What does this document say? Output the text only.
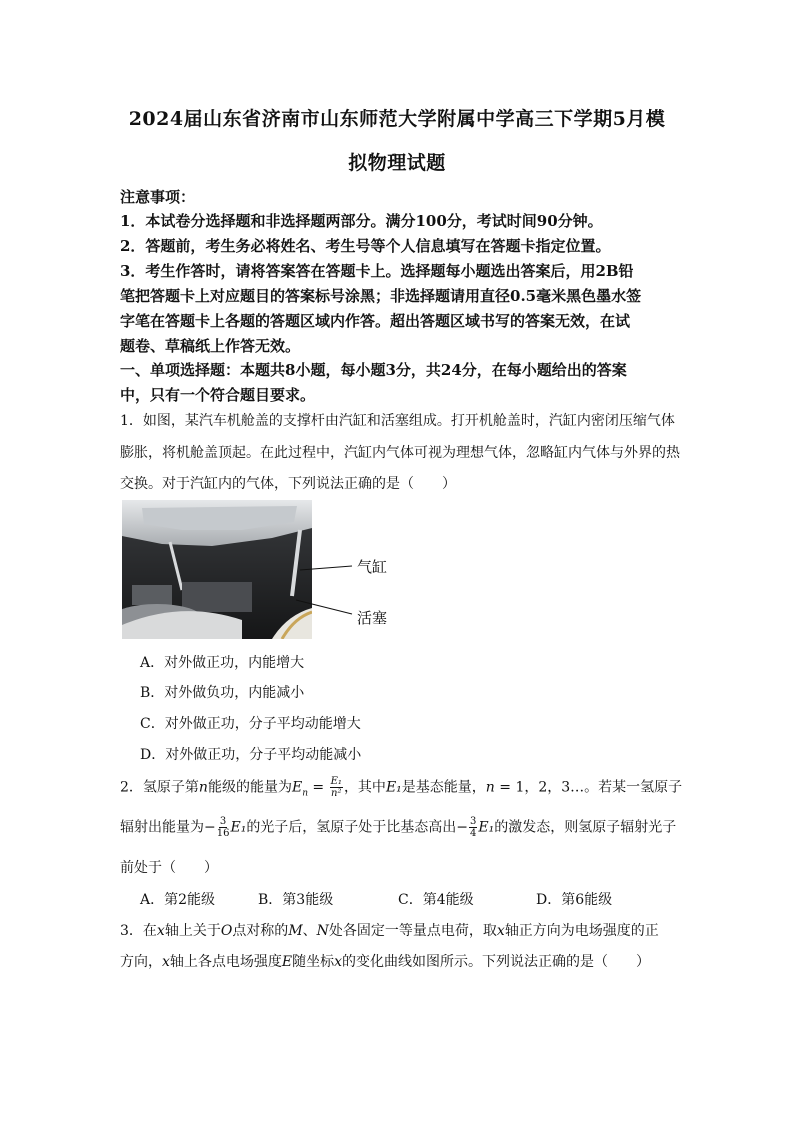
2024届山东省济南市山东师范大学附属中学高三下学期5月模
拟物理试题
注意事项：
1．本试卷分选择题和非选择题两部分。满分100分，考试时间90分钟。
2．答题前，考生务必将姓名、考生号等个人信息填写在答题卡指定位置。
3．考生作答时，请将答案答在答题卡上。选择题每小题选出答案后，用2B铅
笔把答题卡上对应题目的答案标号涂黑；非选择题请用直径0.5毫米黑色墨水签
字笔在答题卡上各题的答题区域内作答。超出答题区域书写的答案无效，在试
题卷、草稿纸上作答无效。
一、单项选择题：本题共8小题，每小题3分，共24分，在每小题给出的答案
中，只有一个符合题目要求。
1．如图，某汽车机舱盖的支撑杆由汽缸和活塞组成。打开机舱盖时，汽缸内密闭压缩气体
膨胀，将机舱盖顶起。在此过程中，汽缸内气体可视为理想气体，忽略缸内气体与外界的热
交换。对于汽缸内的气体，下列说法正确的是（　　）
气缸
活塞
A．对外做正功，内能增大
B．对外做负功，内能减小
C．对外做正功，分子平均动能增大
D．对外做正功，分子平均动能减小
2．氢原子第n能级的能量为$E_n = \frac{\text{E₁}}{\text{n²}}$ ，其中E₁是基态能量，n = 1，2，3…。若某一氢原子
辐射出能量为− $\frac{3}{16} E_1$的光子后，氢原子处于比基态高出− $\frac{3}{4} E_1$的激发态，则氢原子辐射光子
前处于（　　）
A．第2能级	B．第3能级	C．第4能级	D．第6能级
3．在x轴上关于O点对称的M、N处各固定一等量点电荷，取x轴正方向为电场强度的正
方向，x轴上各点电场强度E随坐标x的变化曲线如图所示。下列说法正确的是（　　）
